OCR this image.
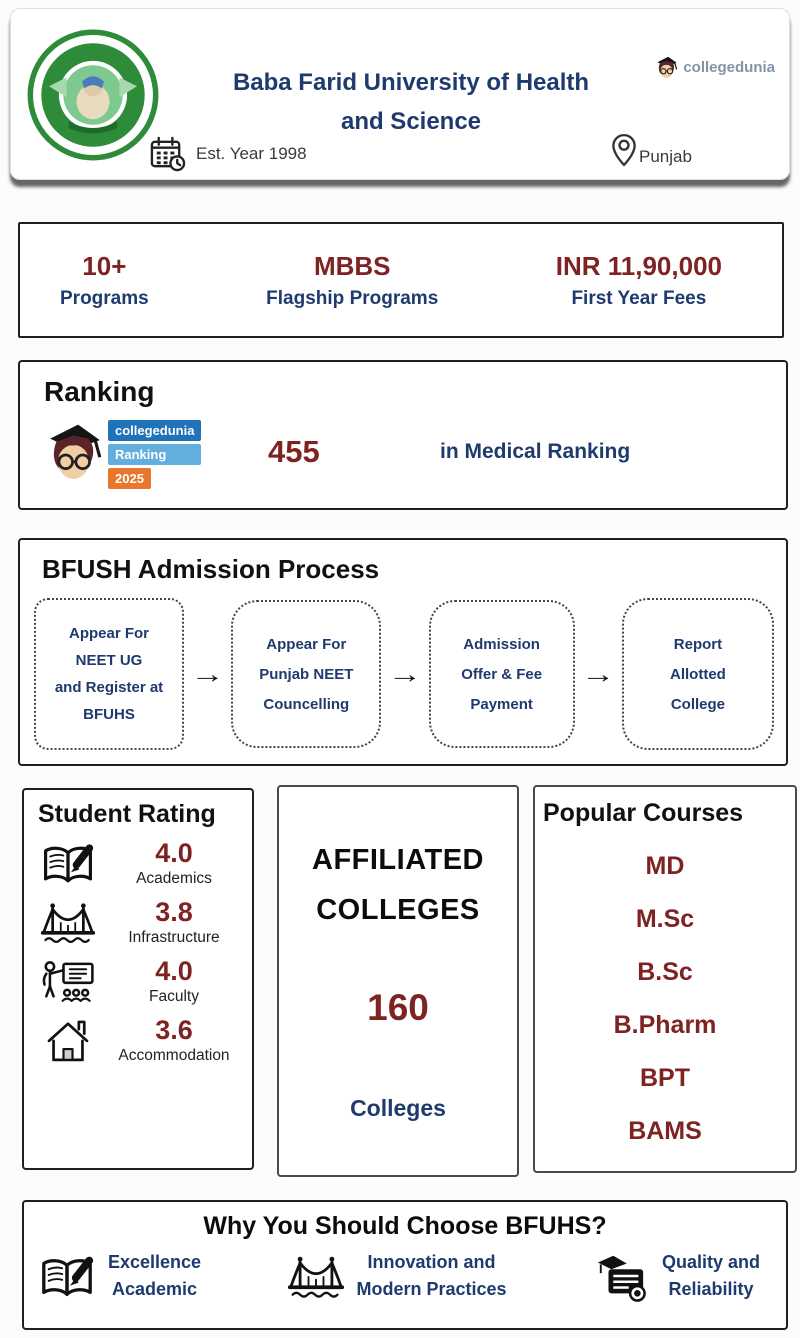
Baba Farid University of Health
and Science
collegedunia
Est. Year 1998	Punjab
10+
Programs
MBBS
Flagship Programs
INR 11,90,000
First Year Fees
Ranking
collegedunia
Ranking
2025
455	in Medical Ranking
BFUSH Admission Process
Appear For
NEET UG
and Register at
BFUHS
→
Appear For
Punjab NEET
Councelling
→
Admission
Offer & Fee
Payment
→
Report
Allotted
College
Student Rating
4.0
Academics
3.8
Infrastructure
4.0
Faculty
3.6
Accommodation
AFFILIATED
COLLEGES
160
Colleges
Popular Courses
MD
M.Sc
B.Sc
B.Pharm
BPT
BAMS
Why You Should Choose BFUHS?
Excellence
Academic
Innovation and
Modern Practices
Quality and
Reliability
